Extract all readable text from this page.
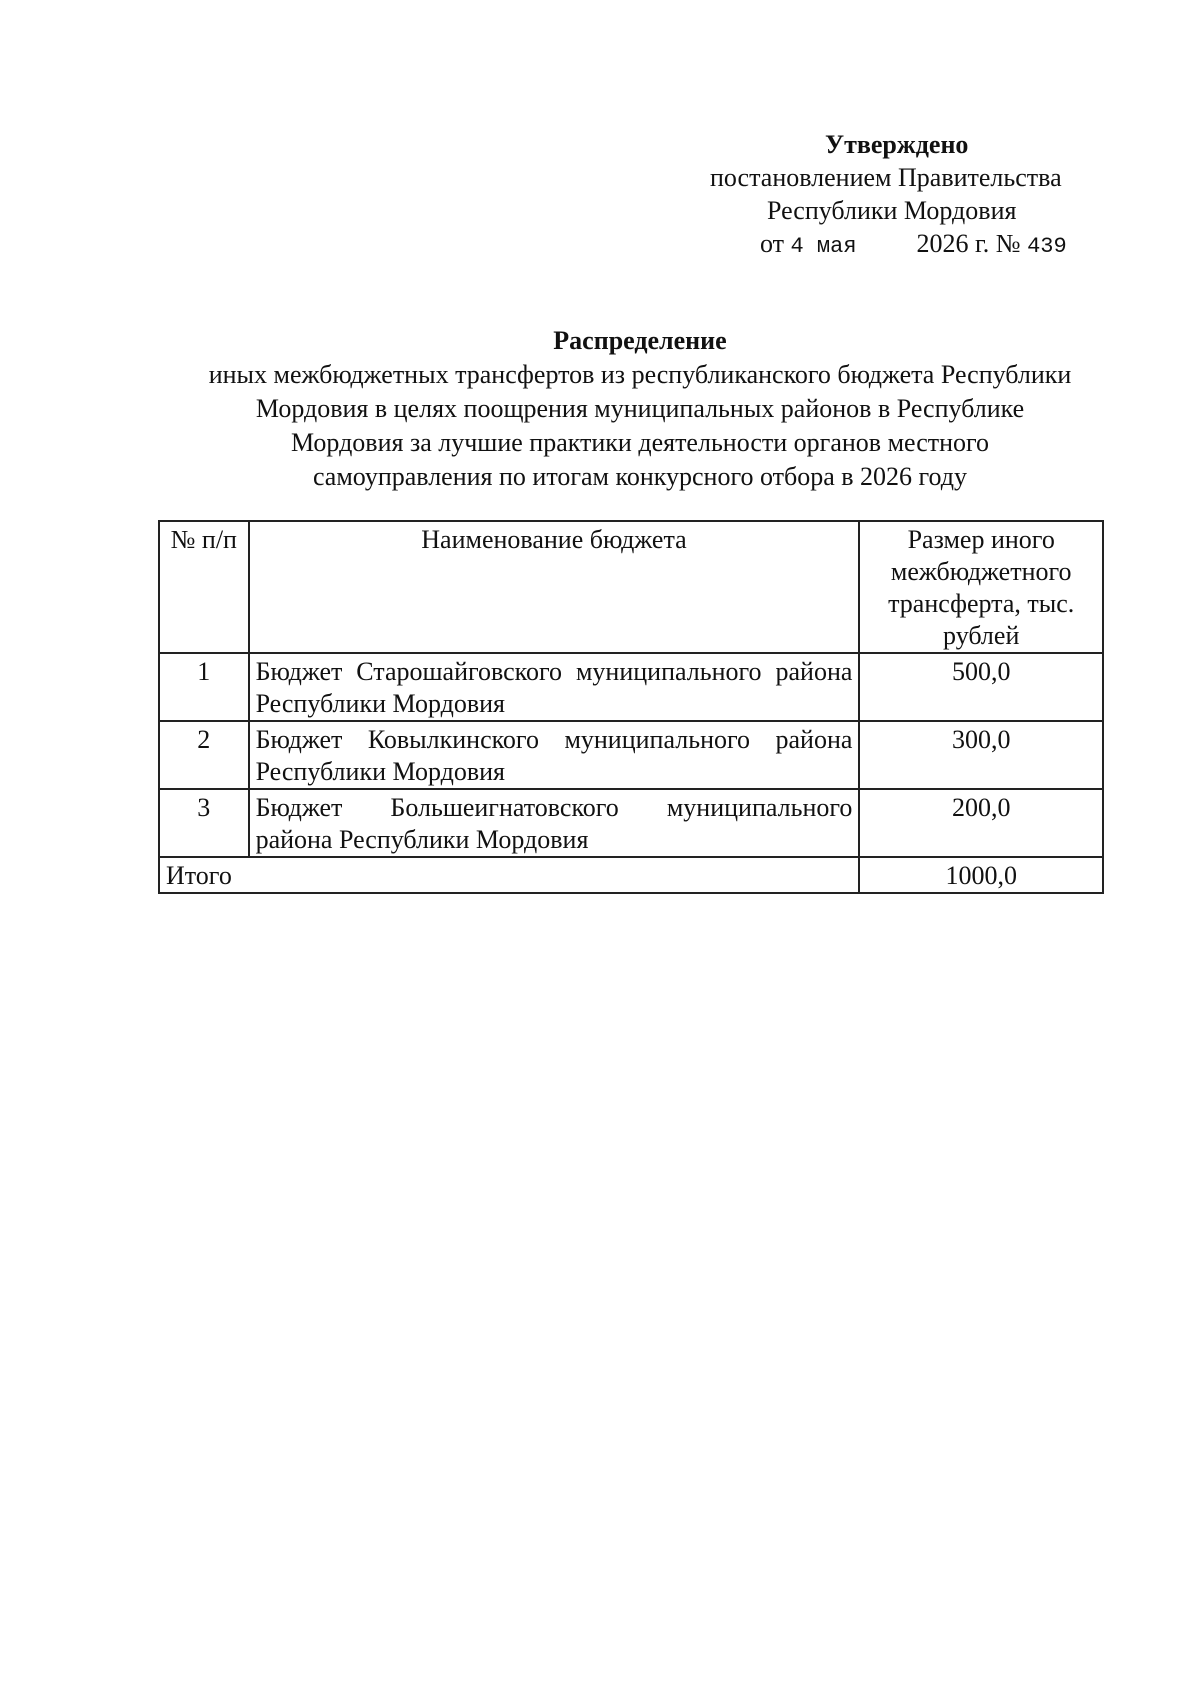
Утверждено
постановлением Правительства
Республики Мордовия
от 4 мая 2026 г. № 439
Распределение
иных межбюджетных трансфертов из республиканского бюджета Республики
Мордовия в целях поощрения муниципальных районов в Республике
Мордовия за лучшие практики деятельности органов местного
самоуправления по итогам конкурсного отбора в 2026 году
№ п/п	Наименование бюджета	Размер иного межбюджетного трансферта, тыс. рублей
1	Бюджет Старошайговского муниципального района Республики Мордовия	500,0
2	Бюджет Ковылкинского муниципального района Республики Мордовия	300,0
3	Бюджет Большеигнатовского муниципального района Республики Мордовия	200,0
Итого		1000,0
